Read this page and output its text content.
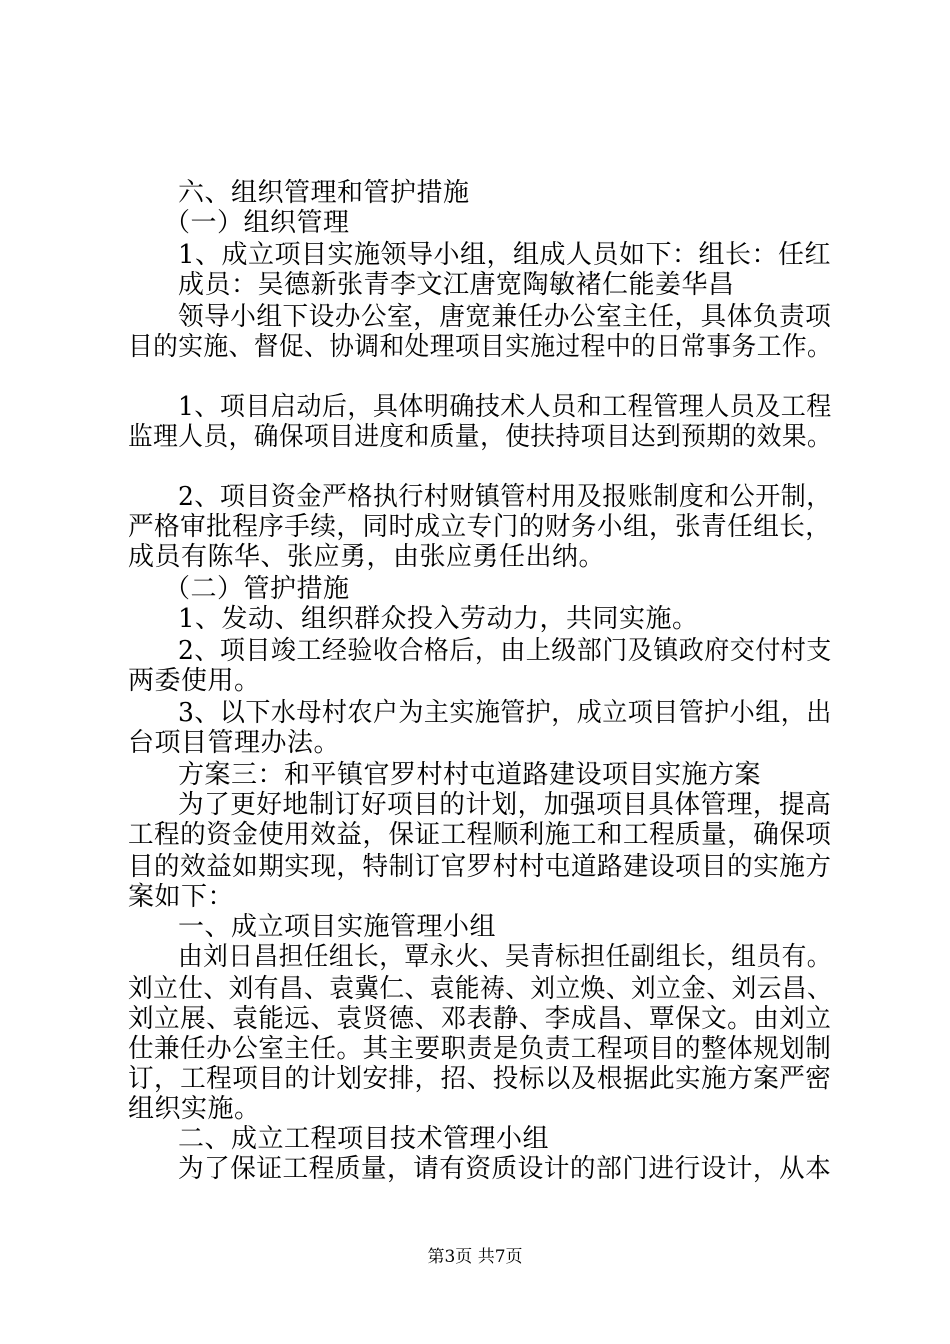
六、组织管理和管护措施
（一）组织管理
1、成立项目实施领导小组，组成人员如下：组长：任红
成员：吴德新张青李文江唐宽陶敏褚仁能姜华昌
领导小组下设办公室，唐宽兼任办公室主任，具体负责项
目的实施、督促、协调和处理项目实施过程中的日常事务工作。
1、项目启动后，具体明确技术人员和工程管理人员及工程
监理人员，确保项目进度和质量，使扶持项目达到预期的效果。
2、项目资金严格执行村财镇管村用及报账制度和公开制，
严格审批程序手续，同时成立专门的财务小组，张青任组长，
成员有陈华、张应勇，由张应勇任出纳。
（二）管护措施
1、发动、组织群众投入劳动力，共同实施。
2、项目竣工经验收合格后，由上级部门及镇政府交付村支
两委使用。
3、以下水母村农户为主实施管护，成立项目管护小组，出
台项目管理办法。
方案三：和平镇官罗村村屯道路建设项目实施方案
为了更好地制订好项目的计划，加强项目具体管理，提高
工程的资金使用效益，保证工程顺利施工和工程质量，确保项
目的效益如期实现，特制订官罗村村屯道路建设项目的实施方
案如下：
一、成立项目实施管理小组
由刘日昌担任组长，覃永火、吴青标担任副组长，组员有。
刘立仕、刘有昌、袁冀仁、袁能祷、刘立焕、刘立金、刘云昌、
刘立展、袁能远、袁贤德、邓表静、李成昌、覃保文。由刘立
仕兼任办公室主任。其主要职责是负责工程项目的整体规划制
订，工程项目的计划安排，招、投标以及根据此实施方案严密
组织实施。
二、成立工程项目技术管理小组
为了保证工程质量，请有资质设计的部门进行设计，从本
第3页 共7页
